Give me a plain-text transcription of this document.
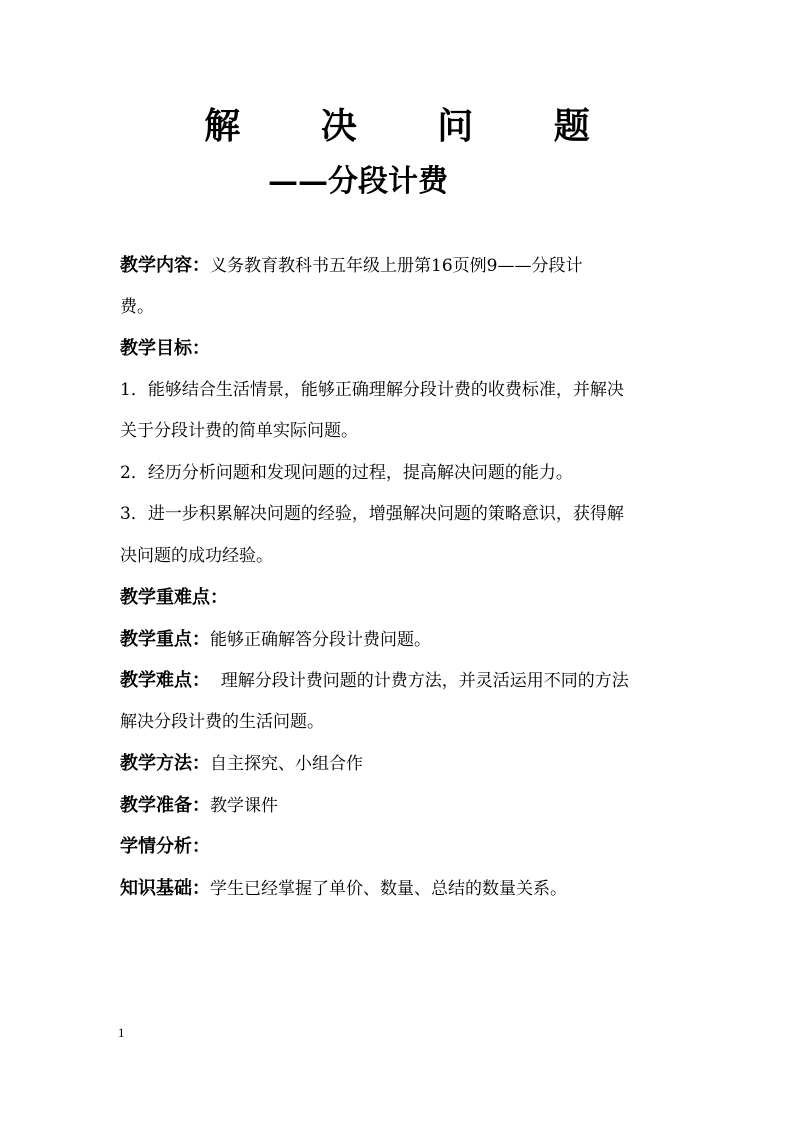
解 决 问 题
——分段计费
教学内容：义务教育教科书五年级上册第16页例9——分段计
费。
教学目标：
1．能够结合生活情景，能够正确理解分段计费的收费标准，并解决
关于分段计费的简单实际问题。
2．经历分析问题和发现问题的过程，提高解决问题的能力。
3．进一步积累解决问题的经验，增强解决问题的策略意识，获得解
决问题的成功经验。
教学重难点：
教学重点：能够正确解答分段计费问题。
教学难点：  理解分段计费问题的计费方法，并灵活运用不同的方法
解决分段计费的生活问题。
教学方法：自主探究、小组合作
教学准备：教学课件
学情分析：
知识基础：学生已经掌握了单价、数量、总结的数量关系。
1
